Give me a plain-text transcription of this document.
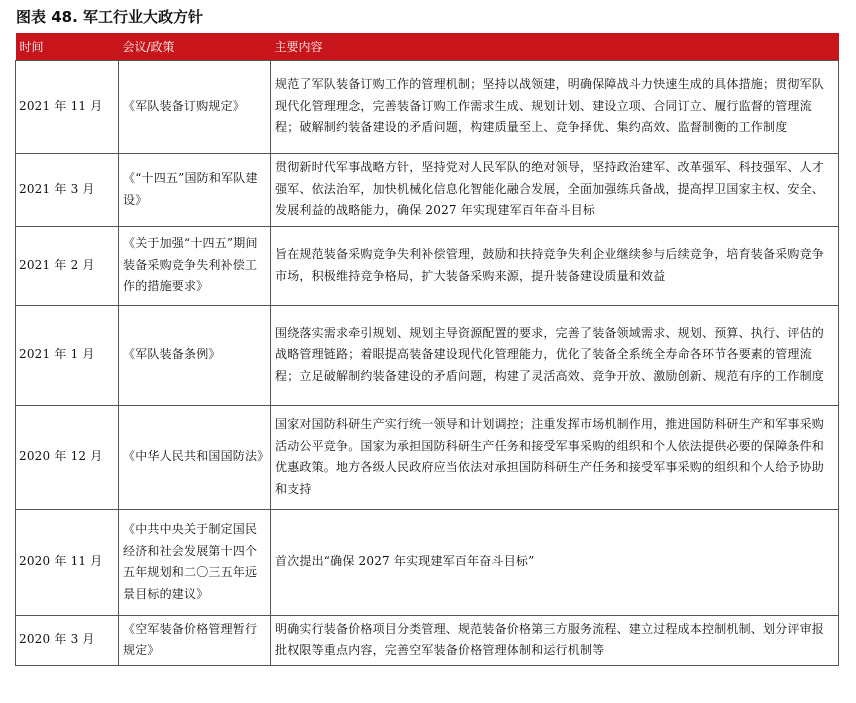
图表 48. 军工行业大政方针
时间	会议/政策	主要内容
2021 年 11 月	《军队装备订购规定》	规范了军队装备订购工作的管理机制；坚持以战领建，明确保障战斗力快速生成的具体措施；贯彻军队现代化管理理念，完善装备订购工作需求生成、规划计划、建设立项、合同订立、履行监督的管理流程；破解制约装备建设的矛盾问题，构建质量至上、竞争择优、集约高效、监督制衡的工作制度
2021 年 3 月	《“十四五”国防和军队建设》	贯彻新时代军事战略方针，坚持党对人民军队的绝对领导，坚持政治建军、改革强军、科技强军、人才强军、依法治军，加快机械化信息化智能化融合发展，全面加强练兵备战，提高捍卫国家主权、安全、发展利益的战略能力，确保 2027 年实现建军百年奋斗目标
2021 年 2 月	《关于加强“十四五”期间装备采购竞争失利补偿工作的措施要求》	旨在规范装备采购竞争失利补偿管理，鼓励和扶持竞争失利企业继续参与后续竞争，培育装备采购竞争市场，积极维持竞争格局，扩大装备采购来源，提升装备建设质量和效益
2021 年 1 月	《军队装备条例》	围绕落实需求牵引规划、规划主导资源配置的要求，完善了装备领域需求、规划、预算、执行、评估的战略管理链路；着眼提高装备建设现代化管理能力，优化了装备全系统全寿命各环节各要素的管理流程；立足破解制约装备建设的矛盾问题，构建了灵活高效、竞争开放、激励创新、规范有序的工作制度
2020 年 12 月	《中华人民共和国国防法》	国家对国防科研生产实行统一领导和计划调控；注重发挥市场机制作用，推进国防科研生产和军事采购活动公平竞争。国家为承担国防科研生产任务和接受军事采购的组织和个人依法提供必要的保障条件和优惠政策。地方各级人民政府应当依法对承担国防科研生产任务和接受军事采购的组织和个人给予协助和支持
2020 年 11 月	《中共中央关于制定国民经济和社会发展第十四个五年规划和二〇三五年远景目标的建议》	首次提出“确保 2027 年实现建军百年奋斗目标”
2020 年 3 月	《空军装备价格管理暂行规定》	明确实行装备价格项目分类管理、规范装备价格第三方服务流程、建立过程成本控制机制、划分评审报批权限等重点内容，完善空军装备价格管理体制和运行机制等
